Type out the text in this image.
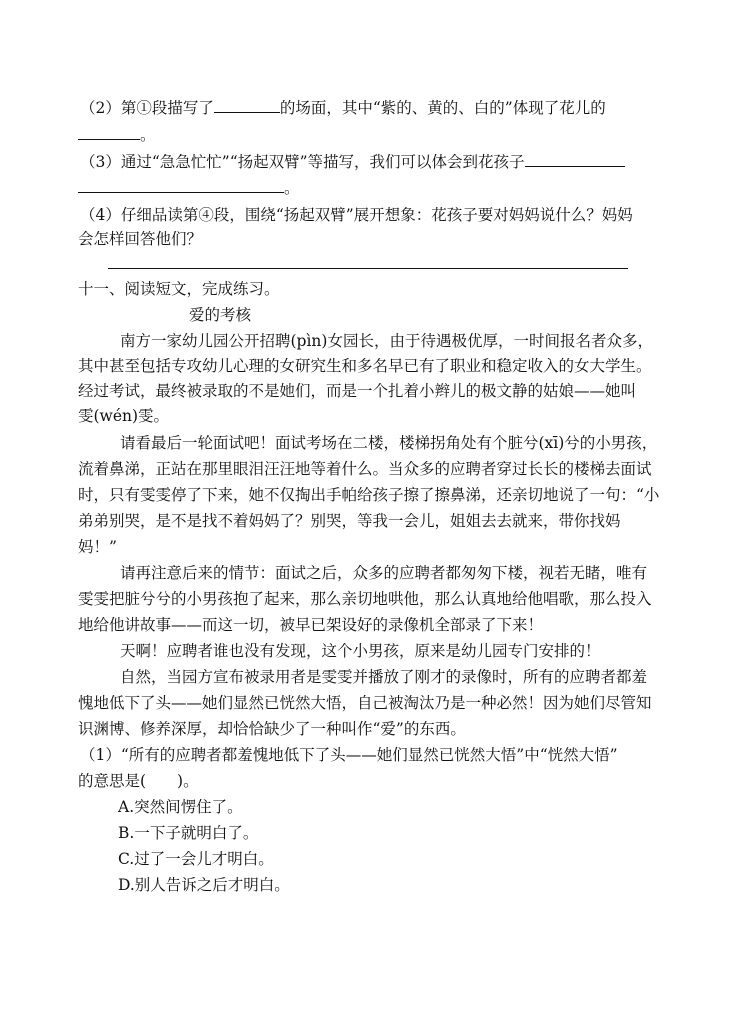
（2）第①段描写了	的场面，其中“紫的、黄的、白的”体现了花儿的
。
（3）通过“急急忙忙”“扬起双臂”等描写，我们可以体会到花孩子
。
（4）仔细品读第④段，围绕“扬起双臂”展开想象：花孩子要对妈妈说什么？妈妈
会怎样回答他们？
十一、阅读短文，完成练习。
爱的考核
南方一家幼儿园公开招聘(pìn)女园长，由于待遇极优厚，一时间报名者众多，
其中甚至包括专攻幼儿心理的女研究生和多名早已有了职业和稳定收入的女大学生。
经过考试，最终被录取的不是她们，而是一个扎着小辫儿的极文静的姑娘——她叫
雯(wén)雯。
请看最后一轮面试吧！面试考场在二楼，楼梯拐角处有个脏兮(xī)兮的小男孩，
流着鼻涕，正站在那里眼泪汪汪地等着什么。当众多的应聘者穿过长长的楼梯去面试
时，只有雯雯停了下来，她不仅掏出手帕给孩子擦了擦鼻涕，还亲切地说了一句：“小
弟弟别哭，是不是找不着妈妈了？别哭，等我一会儿，姐姐去去就来，带你找妈
妈！”
请再注意后来的情节：面试之后，众多的应聘者都匆匆下楼，视若无睹，唯有
雯雯把脏兮兮的小男孩抱了起来，那么亲切地哄他，那么认真地给他唱歌，那么投入
地给他讲故事——而这一切，被早已架设好的录像机全部录了下来！
天啊！应聘者谁也没有发现，这个小男孩，原来是幼儿园专门安排的！
自然，当园方宣布被录用者是雯雯并播放了刚才的录像时，所有的应聘者都羞
愧地低下了头——她们显然已恍然大悟，自己被淘汰乃是一种必然！因为她们尽管知
识渊博、修养深厚，却恰恰缺少了一种叫作“爱”的东西。
（1）“所有的应聘者都羞愧地低下了头——她们显然已恍然大悟”中“恍然大悟”
的意思是(　　)。
A.突然间愣住了。
B.一下子就明白了。
C.过了一会儿才明白。
D.别人告诉之后才明白。
